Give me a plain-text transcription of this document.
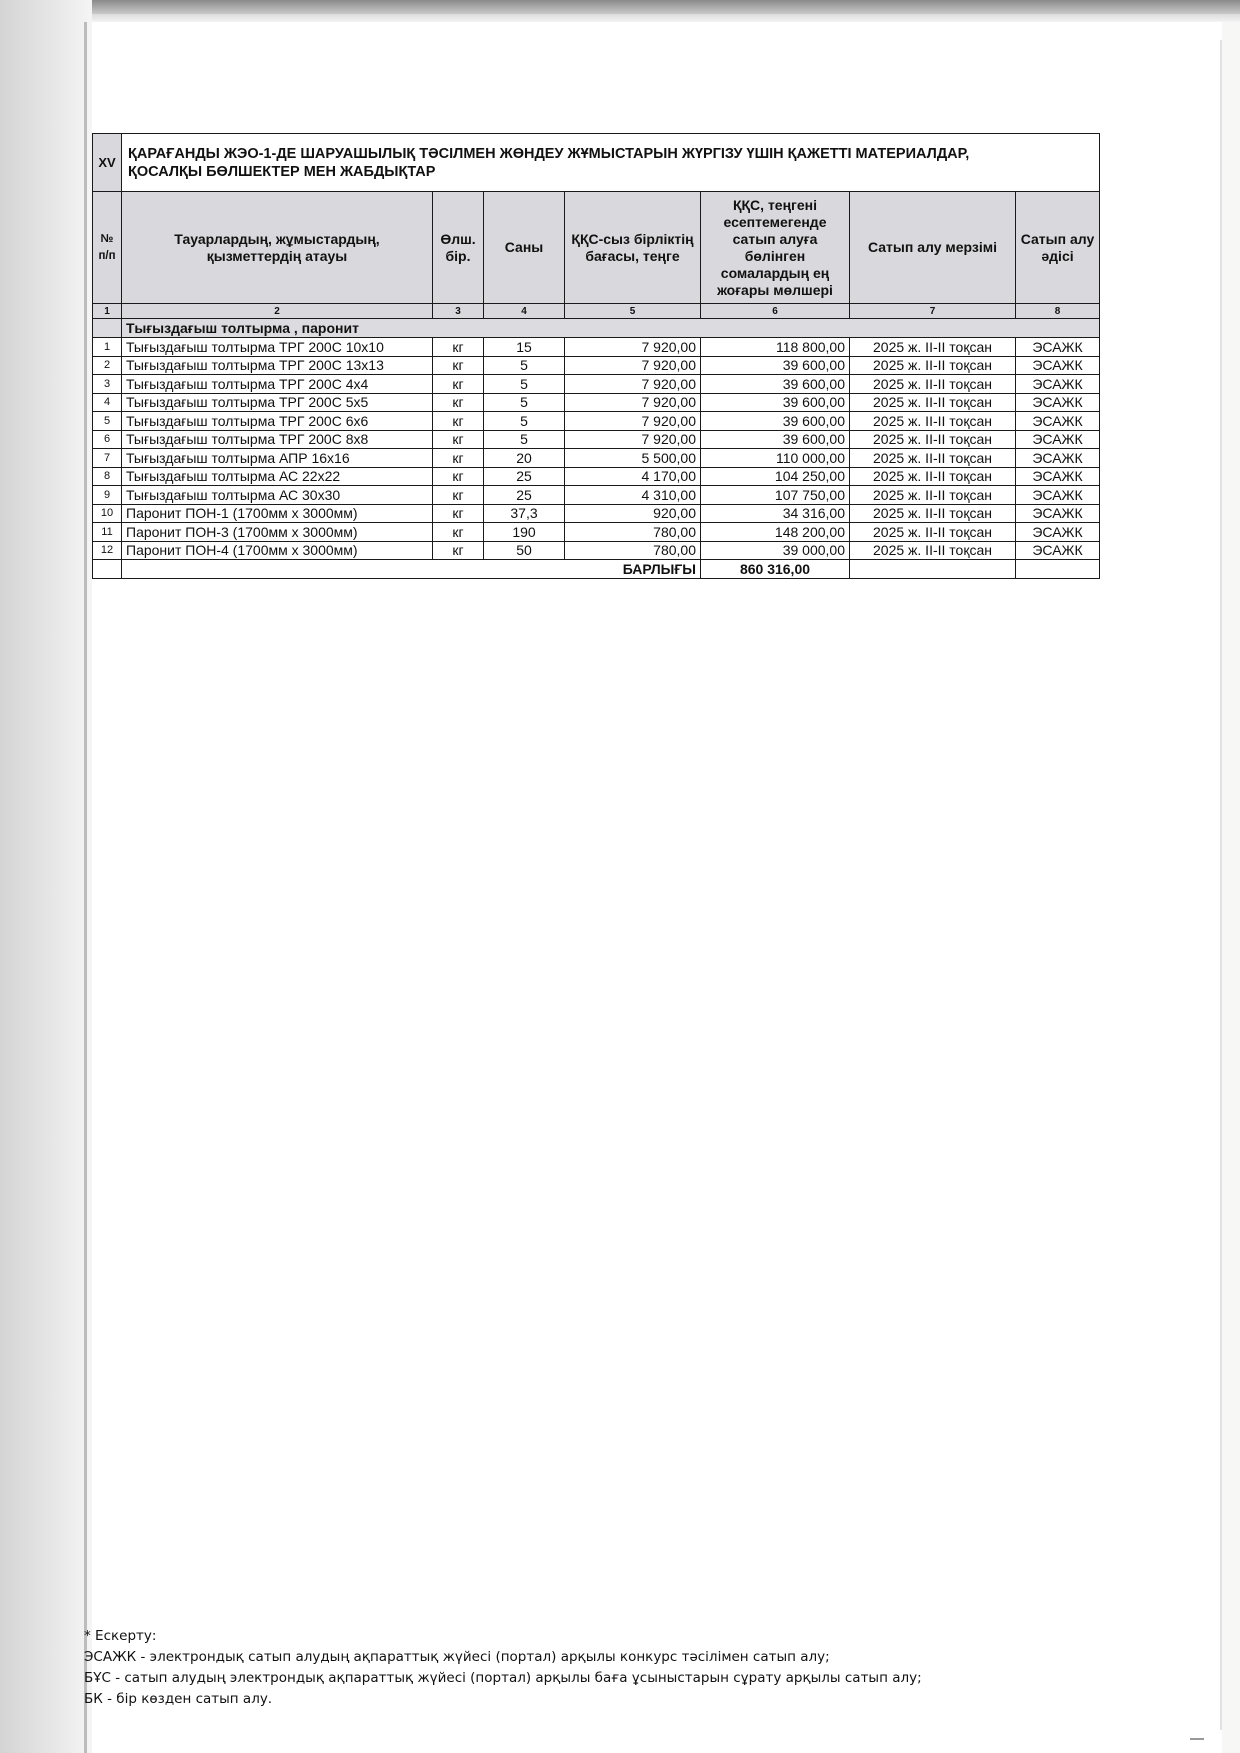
XV	ҚАРАҒАНДЫ ЖЭО-1-ДЕ ШАРУАШЫЛЫҚ ТӘСІЛМЕН ЖӨНДЕУ ЖҰМЫСТАРЫН ЖҮРГІЗУ ҮШІН ҚАЖЕТТІ МАТЕРИАЛДАР,
ҚОСАЛҚЫ БӨЛШЕКТЕР МЕН ЖАБДЫҚТАР						

№ п/п	Тауарлардың, жұмыстардың, қызметтердің атауы	Өлш. бір.	Саны	ҚҚС-сыз бірліктің бағасы, теңге	ҚҚС, теңгені есептемегенде сатып алуға бөлінген сомалардың ең жоғары мөлшері	Сатып алу мерзімі	Сатып алу әдісі
1	2	3	4	5	6	7	8
	Тығыздағыш толтырма , паронит						
1	Тығыздағыш толтырма ТРГ 200С 10х10	кг	15	7 920,00	118 800,00	2025 ж. II-II тоқсан	ЭСАЖК
2	Тығыздағыш толтырма ТРГ 200С 13х13	кг	5	7 920,00	39 600,00	2025 ж. II-II тоқсан	ЭСАЖК
3	Тығыздағыш толтырма ТРГ 200С 4х4	кг	5	7 920,00	39 600,00	2025 ж. II-II тоқсан	ЭСАЖК
4	Тығыздағыш толтырма ТРГ 200С 5х5	кг	5	7 920,00	39 600,00	2025 ж. II-II тоқсан	ЭСАЖК
5	Тығыздағыш толтырма ТРГ 200С 6х6	кг	5	7 920,00	39 600,00	2025 ж. II-II тоқсан	ЭСАЖК
6	Тығыздағыш толтырма ТРГ 200С 8х8	кг	5	7 920,00	39 600,00	2025 ж. II-II тоқсан	ЭСАЖК
7	Тығыздағыш толтырма АПР 16х16	кг	20	5 500,00	110 000,00	2025 ж. II-II тоқсан	ЭСАЖК
8	Тығыздағыш толтырма АС 22х22	кг	25	4 170,00	104 250,00	2025 ж. II-II тоқсан	ЭСАЖК
9	Тығыздағыш толтырма АС 30х30	кг	25	4 310,00	107 750,00	2025 ж. II-II тоқсан	ЭСАЖК
10	Паронит ПОН-1 (1700мм х 3000мм)	кг	37,3	920,00	34 316,00	2025 ж. II-II тоқсан	ЭСАЖК
11	Паронит ПОН-3 (1700мм х 3000мм)	кг	190	780,00	148 200,00	2025 ж. II-II тоқсан	ЭСАЖК
12	Паронит ПОН-4 (1700мм х 3000мм)	кг	50	780,00	39 000,00	2025 ж. II-II тоқсан	ЭСАЖК
	БАРЛЫҒЫ				860 316,00		
* Ескерту:
ЭСАЖК - электрондық сатып алудың ақпараттық жүйесі (портал) арқылы конкурс тәсілімен сатып алу;
БҰС - сатып алудың электрондық ақпараттық жүйесі (портал) арқылы баға ұсыныстарын сұрату арқылы сатып алу;
БК - бір көзден сатып алу.
